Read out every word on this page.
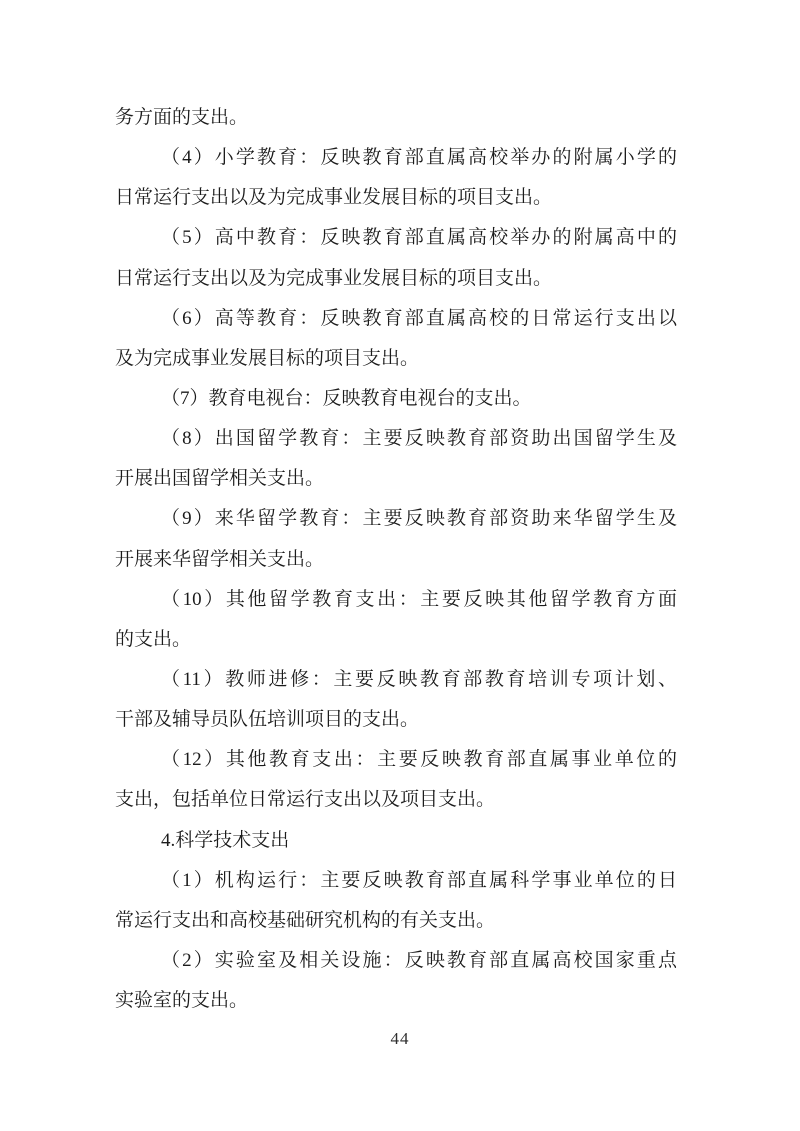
务方面的支出。
（4）小学教育：反映教育部直属高校举办的附属小学的
日常运行支出以及为完成事业发展目标的项目支出。
（5）高中教育：反映教育部直属高校举办的附属高中的
日常运行支出以及为完成事业发展目标的项目支出。
（6）高等教育：反映教育部直属高校的日常运行支出以
及为完成事业发展目标的项目支出。
（7）教育电视台：反映教育电视台的支出。
（8）出国留学教育：主要反映教育部资助出国留学生及
开展出国留学相关支出。
（9）来华留学教育：主要反映教育部资助来华留学生及
开展来华留学相关支出。
（10）其他留学教育支出：主要反映其他留学教育方面
的支出。
（11）教师进修：主要反映教育部教育培训专项计划、
干部及辅导员队伍培训项目的支出。
（12）其他教育支出：主要反映教育部直属事业单位的
支出，包括单位日常运行支出以及项目支出。
4.科学技术支出
（1）机构运行：主要反映教育部直属科学事业单位的日
常运行支出和高校基础研究机构的有关支出。
（2）实验室及相关设施：反映教育部直属高校国家重点
实验室的支出。
44
